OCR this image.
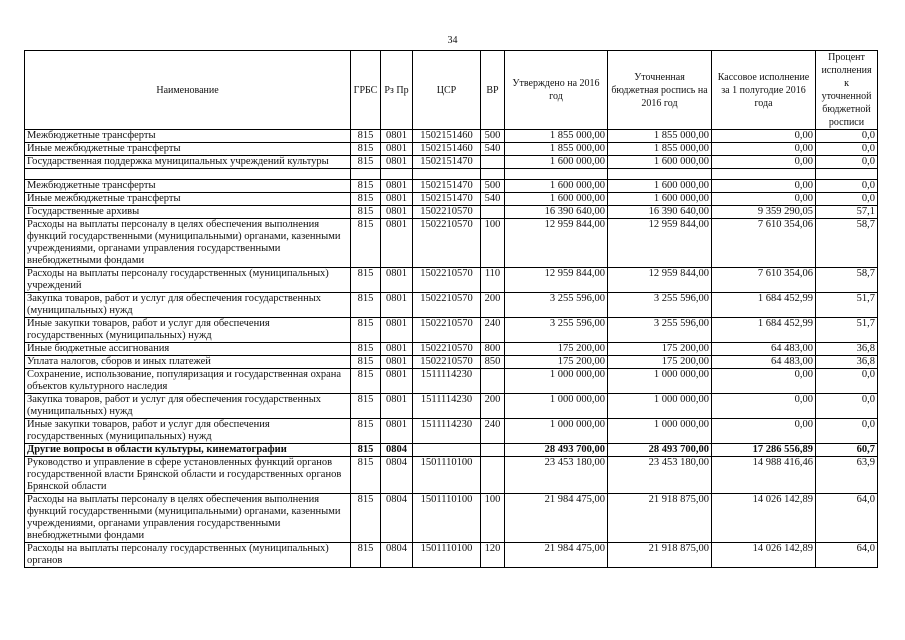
34
Наименование	ГРБС	Рз Пр	ЦСР	ВР	Утверждено на 2016 год	Уточненная бюджетная роспись на 2016 год	Кассовое исполнение за 1 полугодие 2016 года	Процент исполнения к уточненной бюджетной росписи
Межбюджетные трансферты	815	0801	1502151460	500	1 855 000,00	1 855 000,00	0,00	0,0
Иные межбюджетные трансферты	815	0801	1502151460	540	1 855 000,00	1 855 000,00	0,00	0,0
Государственная поддержка муниципальных учреждений культуры	815	0801	1502151470		1 600 000,00	1 600 000,00	0,00	0,0

Межбюджетные трансферты	815	0801	1502151470	500	1 600 000,00	1 600 000,00	0,00	0,0
Иные межбюджетные трансферты	815	0801	1502151470	540	1 600 000,00	1 600 000,00	0,00	0,0
Государственные архивы	815	0801	1502210570		16 390 640,00	16 390 640,00	9 359 290,05	57,1
Расходы на выплаты персоналу в целях обеспечения выполнения функций государственными (муниципальными) органами, казенными учреждениями, органами управления государственными внебюджетными фондами	815	0801	1502210570	100	12 959 844,00	12 959 844,00	7 610 354,06	58,7
Расходы на выплаты персоналу государственных (муниципальных) учреждений	815	0801	1502210570	110	12 959 844,00	12 959 844,00	7 610 354,06	58,7
Закупка товаров, работ и услуг для обеспечения государственных (муниципальных) нужд	815	0801	1502210570	200	3 255 596,00	3 255 596,00	1 684 452,99	51,7
Иные закупки товаров, работ и услуг для обеспечения государственных (муниципальных) нужд	815	0801	1502210570	240	3 255 596,00	3 255 596,00	1 684 452,99	51,7
Иные бюджетные ассигнования	815	0801	1502210570	800	175 200,00	175 200,00	64 483,00	36,8
Уплата налогов, сборов и иных платежей	815	0801	1502210570	850	175 200,00	175 200,00	64 483,00	36,8
Сохранение, использование, популяризация и государственная охрана объектов культурного наследия	815	0801	1511114230		1 000 000,00	1 000 000,00	0,00	0,0
Закупка товаров, работ и услуг для обеспечения государственных (муниципальных) нужд	815	0801	1511114230	200	1 000 000,00	1 000 000,00	0,00	0,0
Иные закупки товаров, работ и услуг для обеспечения государственных (муниципальных) нужд	815	0801	1511114230	240	1 000 000,00	1 000 000,00	0,00	0,0
Другие вопросы в области культуры, кинематографии	815	0804			28 493 700,00	28 493 700,00	17 286 556,89	60,7
Руководство и управление в сфере установленных функций органов государственной власти Брянской области и государственных органов Брянской области	815	0804	1501110100		23 453 180,00	23 453 180,00	14 988 416,46	63,9
Расходы на выплаты персоналу в целях обеспечения выполнения функций государственными (муниципальными) органами, казенными учреждениями, органами управления государственными внебюджетными фондами	815	0804	1501110100	100	21 984 475,00	21 918 875,00	14 026 142,89	64,0
Расходы на выплаты персоналу государственных (муниципальных) органов	815	0804	1501110100	120	21 984 475,00	21 918 875,00	14 026 142,89	64,0
